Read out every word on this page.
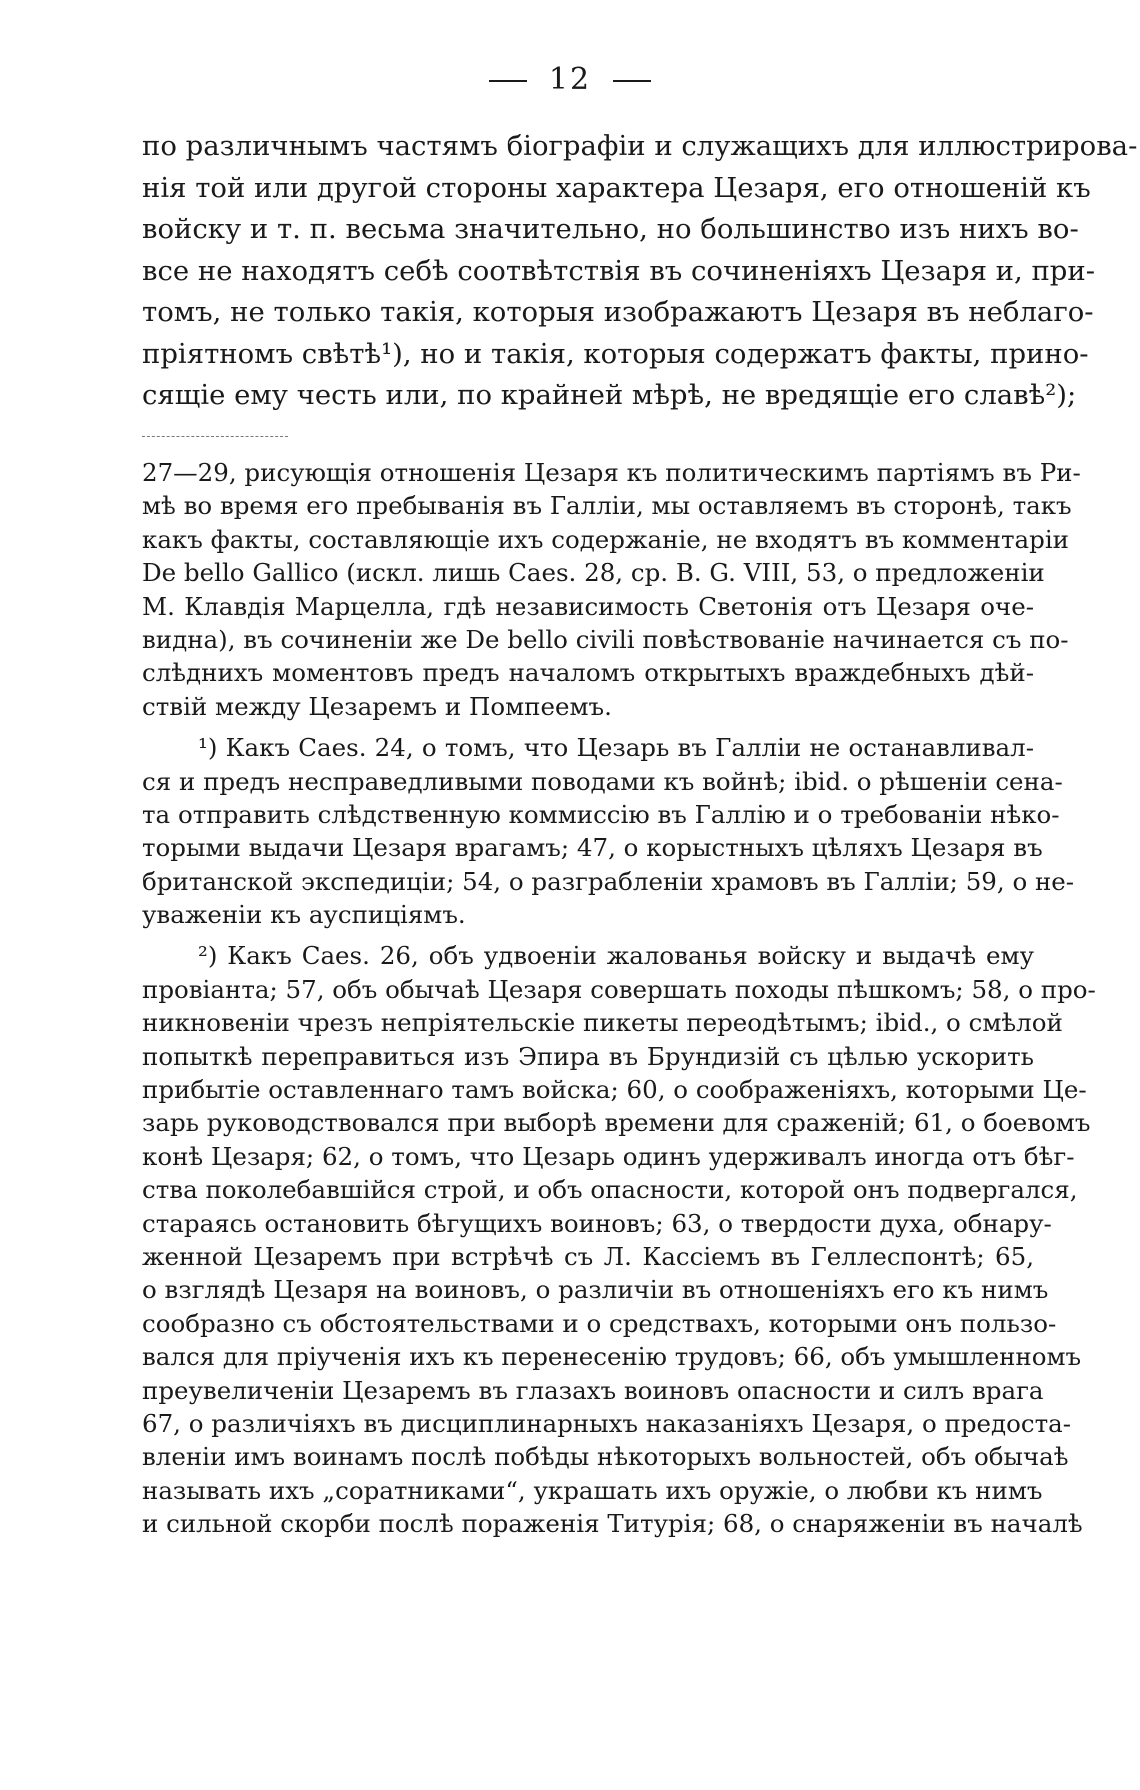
12
по различнымъ частямъ біографіи и служащихъ для иллюстрирова-
нія той или другой стороны характера Цезаря, его отношеній къ
войску и т. п. весьма значительно, но большинство изъ нихъ во-
все не находятъ себѣ соотвѣтствія въ сочиненіяхъ Цезаря и, при-
томъ, не только такія, которыя изображаютъ Цезаря въ неблаго-
пріятномъ свѣтѣ¹), но и такія, которыя содержатъ факты, прино-
сящіе ему честь или, по крайней мѣрѣ, не вредящіе его славѣ²);
27—29, рисующія отношенія Цезаря къ политическимъ партіямъ въ Ри-
мѣ во время его пребыванія въ Галліи, мы оставляемъ въ сторонѣ, такъ
какъ факты, составляющіе ихъ содержаніе, не входятъ въ комментаріи
De bello Gallico (искл. лишь Caes. 28, ср. B. G. VIII, 53, о предложеніи
М. Клавдія Марцелла, гдѣ независимость Светонія отъ Цезаря оче-
видна), въ сочиненіи же De bello civili повѣствованіе начинается съ по-
слѣднихъ моментовъ предъ началомъ открытыхъ враждебныхъ дѣй-
ствій между Цезаремъ и Помпеемъ.
¹) Какъ Caes. 24, о томъ, что Цезарь въ Галліи не останавливал-
ся и предъ несправедливыми поводами къ войнѣ; ibid. о рѣшеніи сена-
та отправить слѣдственную коммиссію въ Галлію и о требованіи нѣко-
торыми выдачи Цезаря врагамъ; 47, о корыстныхъ цѣляхъ Цезаря въ
британской экспедиціи; 54, о разграбленіи храмовъ въ Галліи; 59, о не-
уваженіи къ ауспиціямъ.
²) Какъ Caes. 26, объ удвоеніи жалованья войску и выдачѣ ему
провіанта; 57, объ обычаѣ Цезаря совершать походы пѣшкомъ; 58, о про-
никновеніи чрезъ непріятельскіе пикеты переодѣтымъ; ibid., о смѣлой
попыткѣ переправиться изъ Эпира въ Брундизій съ цѣлью ускорить
прибытіе оставленнаго тамъ войска; 60, о соображеніяхъ, которыми Це-
зарь руководствовался при выборѣ времени для сраженій; 61, о боевомъ
конѣ Цезаря; 62, о томъ, что Цезарь одинъ удерживалъ иногда отъ бѣг-
ства поколебавшійся строй, и объ опасности, которой онъ подвергался,
стараясь остановить бѣгущихъ воиновъ; 63, о твердости духа, обнару-
женной Цезаремъ при встрѣчѣ съ Л. Кассіемъ въ Геллеспонтѣ; 65,
о взглядѣ Цезаря на воиновъ, о различіи въ отношеніяхъ его къ нимъ
сообразно съ обстоятельствами и о средствахъ, которыми онъ пользо-
вался для пріученія ихъ къ перенесенію трудовъ; 66, объ умышленномъ
преувеличеніи Цезаремъ въ глазахъ воиновъ опасности и силъ врага
67, о различіяхъ въ дисциплинарныхъ наказаніяхъ Цезаря, о предоста-
вленіи имъ воинамъ послѣ побѣды нѣкоторыхъ вольностей, объ обычаѣ
называть ихъ „соратниками“, украшать ихъ оружіе, о любви къ нимъ
и сильной скорби послѣ пораженія Титурія; 68, о снаряженіи въ началѣ
